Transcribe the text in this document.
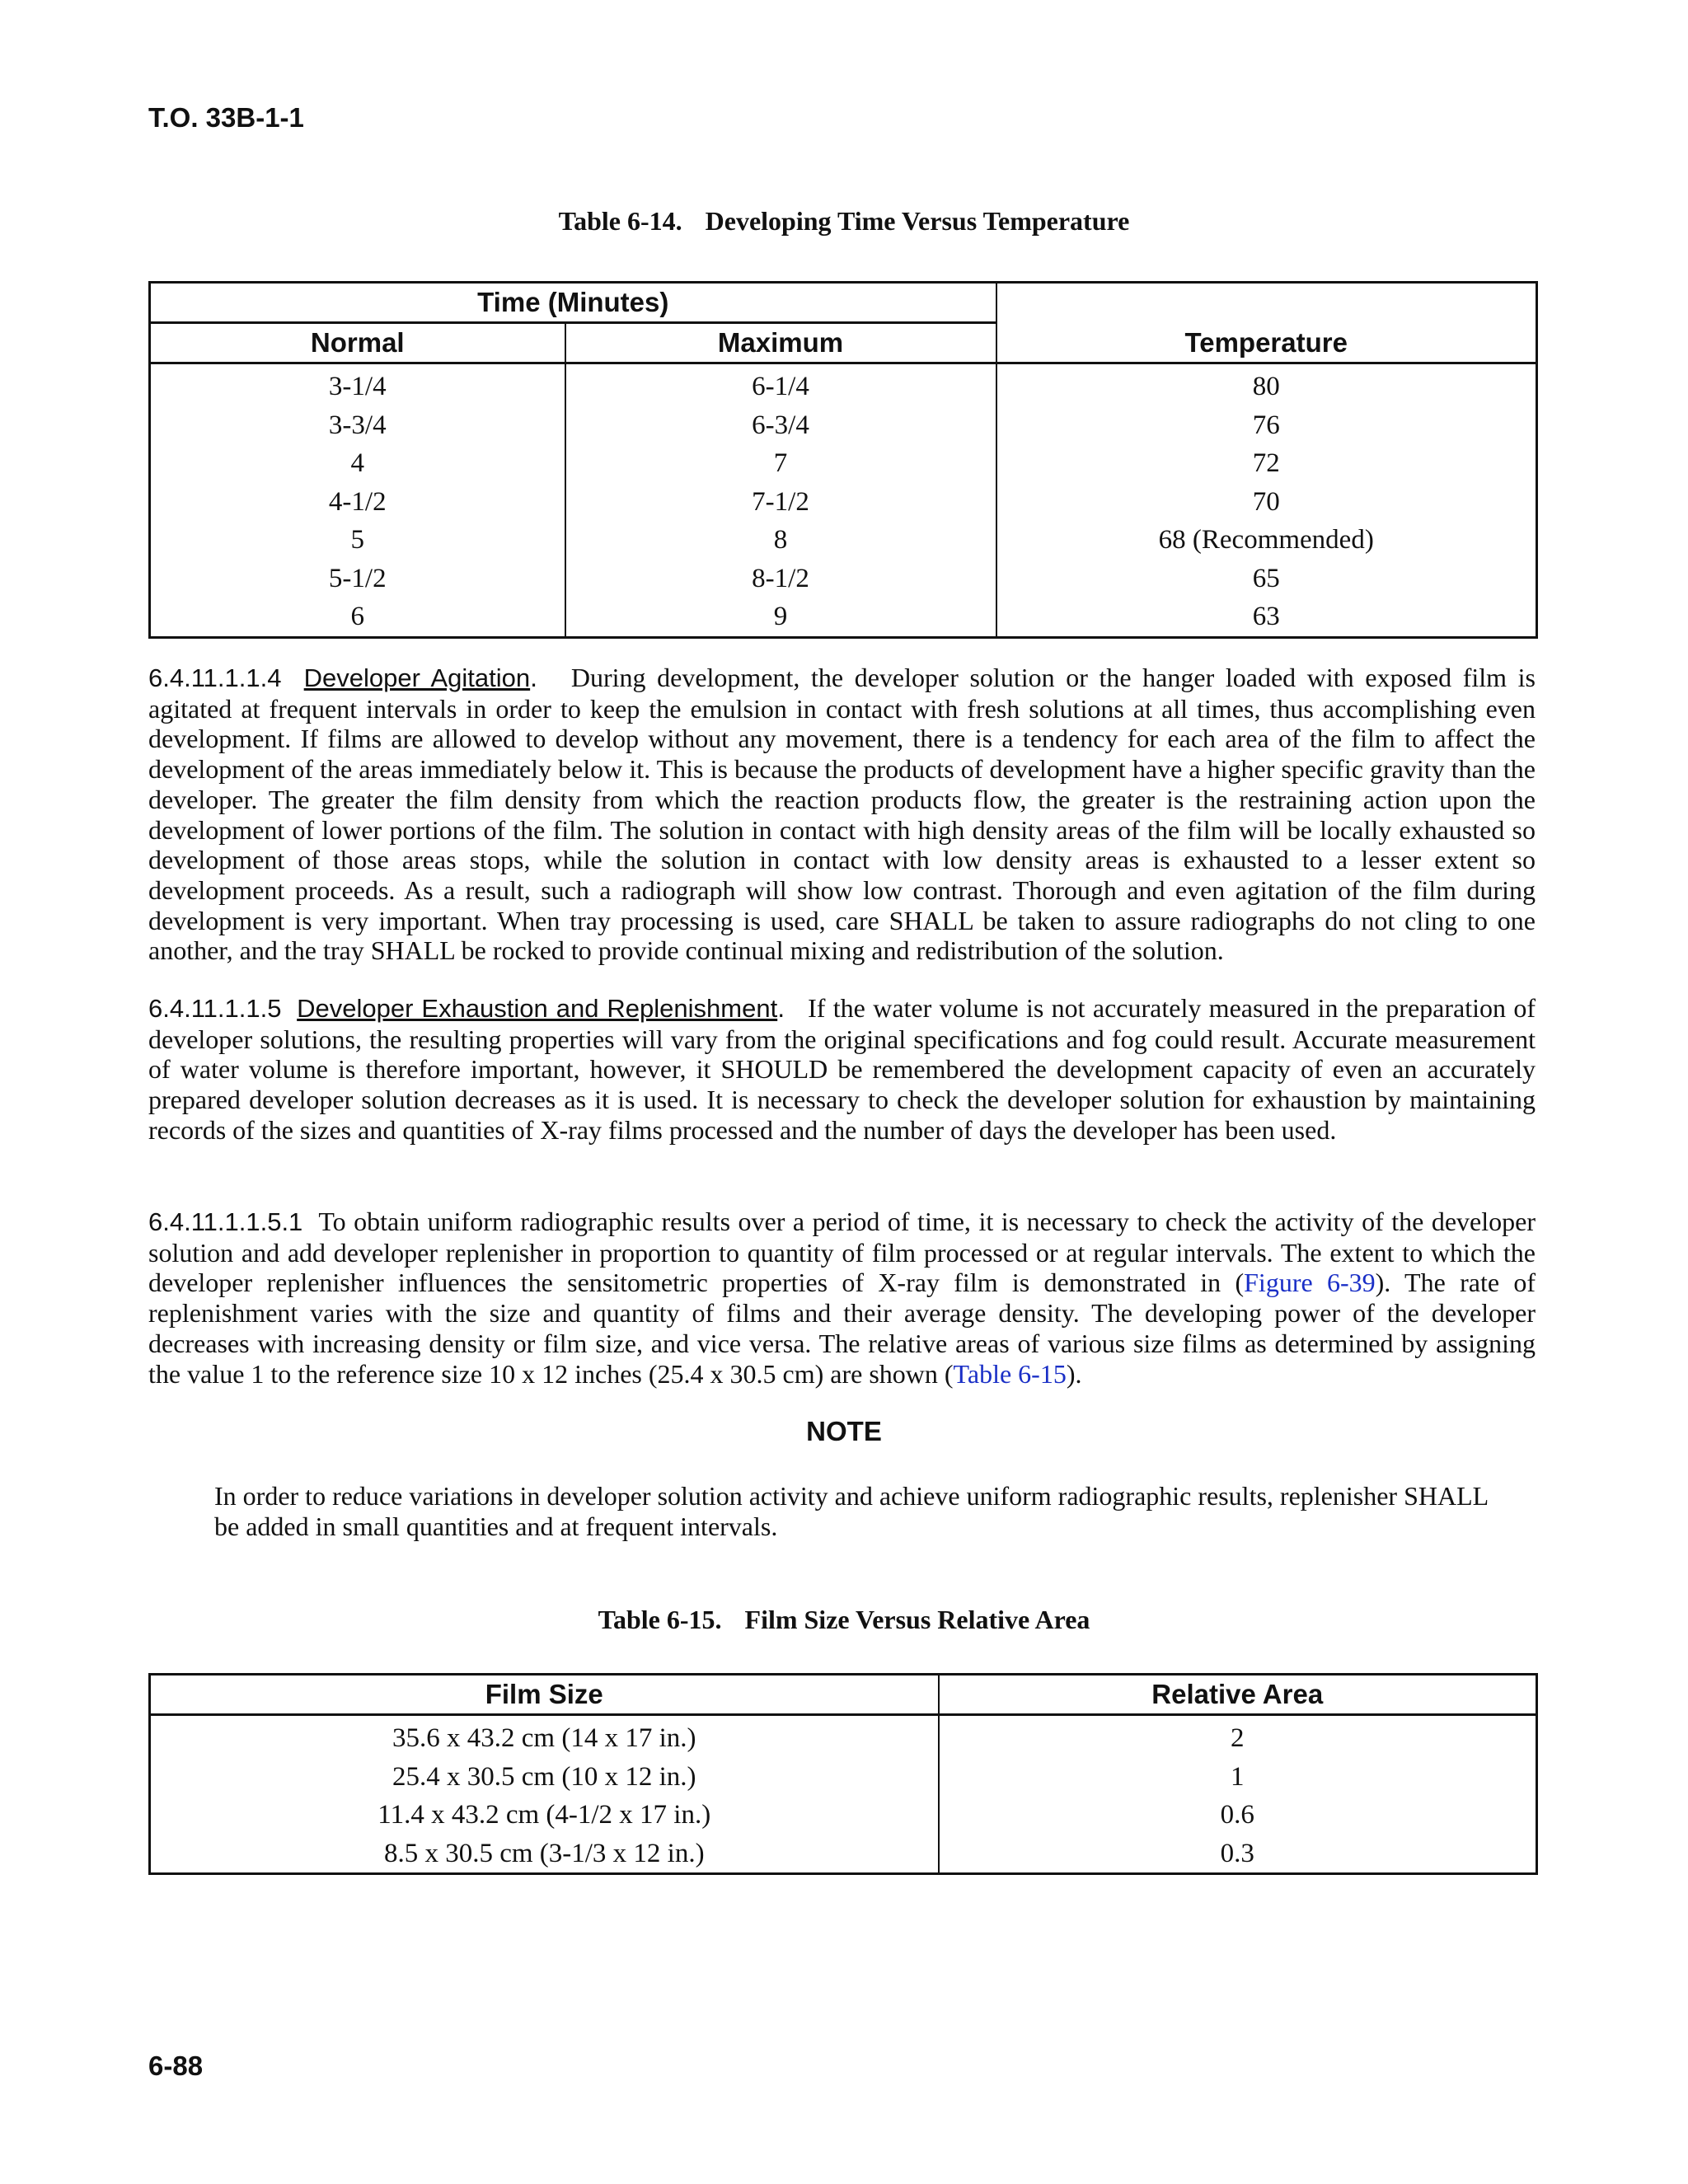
T.O. 33B-1-1
Table 6-14. Developing Time Versus Temperature
Time (Minutes)		Temperature
Normal	Maximum	
3-1/4	6-1/4	80
3-3/4	6-3/4	76
4	7	72
4-1/2	7-1/2	70
5	8	68 (Recommended)
5-1/2	8-1/2	65
6	9	63
6.4.11.1.1.4 Developer Agitation. During development, the developer solution or the hanger loaded with exposed film is agitated at frequent intervals in order to keep the emulsion in contact with fresh solutions at all times, thus accomplishing even development. If films are allowed to develop without any movement, there is a tendency for each area of the film to affect the development of the areas immediately below it. This is because the products of development have a higher specific gravity than the developer. The greater the film density from which the reaction products flow, the greater is the restraining action upon the development of lower portions of the film. The solution in contact with high density areas of the film will be locally exhausted so development of those areas stops, while the solution in contact with low density areas is exhausted to a lesser extent so development proceeds. As a result, such a radiograph will show low contrast. Thorough and even agitation of the film during development is very important. When tray processing is used, care SHALL be taken to assure radiographs do not cling to one another, and the tray SHALL be rocked to provide continual mixing and redistribution of the solution.
6.4.11.1.1.5 Developer Exhaustion and Replenishment. If the water volume is not accurately measured in the preparation of developer solutions, the resulting properties will vary from the original specifications and fog could result. Accurate measurement of water volume is therefore important, however, it SHOULD be remembered the development capacity of even an accurately prepared developer solution decreases as it is used. It is necessary to check the developer solution for exhaustion by maintaining records of the sizes and quantities of X-ray films processed and the number of days the developer has been used.
6.4.11.1.1.5.1 To obtain uniform radiographic results over a period of time, it is necessary to check the activity of the developer solution and add developer replenisher in proportion to quantity of film processed or at regular intervals. The extent to which the developer replenisher influences the sensitometric properties of X-ray film is demonstrated in (Figure 6-39). The rate of replenishment varies with the size and quantity of films and their average density. The developing power of the developer decreases with increasing density or film size, and vice versa. The relative areas of various size films as determined by assigning the value 1 to the reference size 10 x 12 inches (25.4 x 30.5 cm) are shown (Table 6-15).
NOTE
In order to reduce variations in developer solution activity and achieve uniform radiographic results, replenisher SHALL be added in small quantities and at frequent intervals.
Table 6-15. Film Size Versus Relative Area
Film Size	Relative Area
35.6 x 43.2 cm (14 x 17 in.)	2
25.4 x 30.5 cm (10 x 12 in.)	1
11.4 x 43.2 cm (4-1/2 x 17 in.)	0.6
8.5 x 30.5 cm (3-1/3 x 12 in.)	0.3
6-88
